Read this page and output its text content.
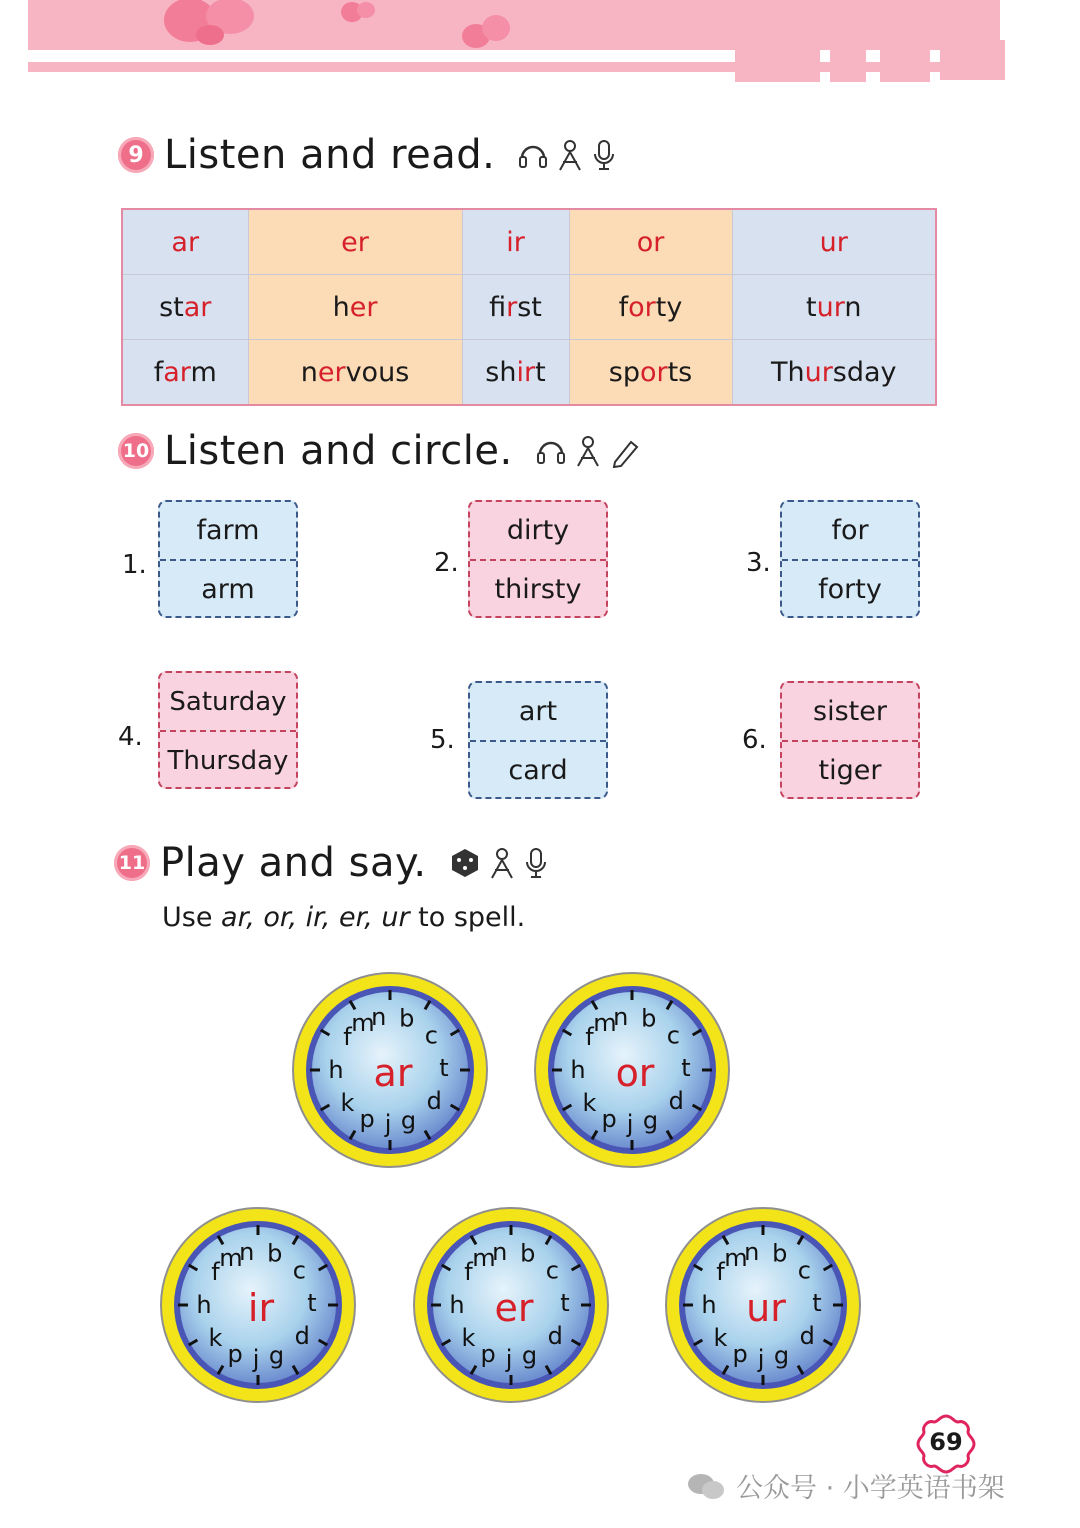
9 Listen and read.
ar	er	ir	or	ur
star	her	first	forty	turn
farm	nervous	shirt	sports	Thursday
10 Listen and circle.
1.
farm
arm
2.
dirty
thirsty
3.
for
forty
4.
Saturday
Thursday
5.
art
card
6.
sister
tiger
11 Play and say.
Use ar, or, ir, er, ur to spell.
f m
n b
c
t
d
g
j
p
k
h ar
f m
n b
c
t
d
g
j
p
k
h or
f m
n b
c
t
d
g
j
p
k
h ir
f m
n b
c
t
d
g
j
p
k
h er
f m
n b
c
t
d
g
j
p
k
h ur
69
公众号 · 小学英语书架
